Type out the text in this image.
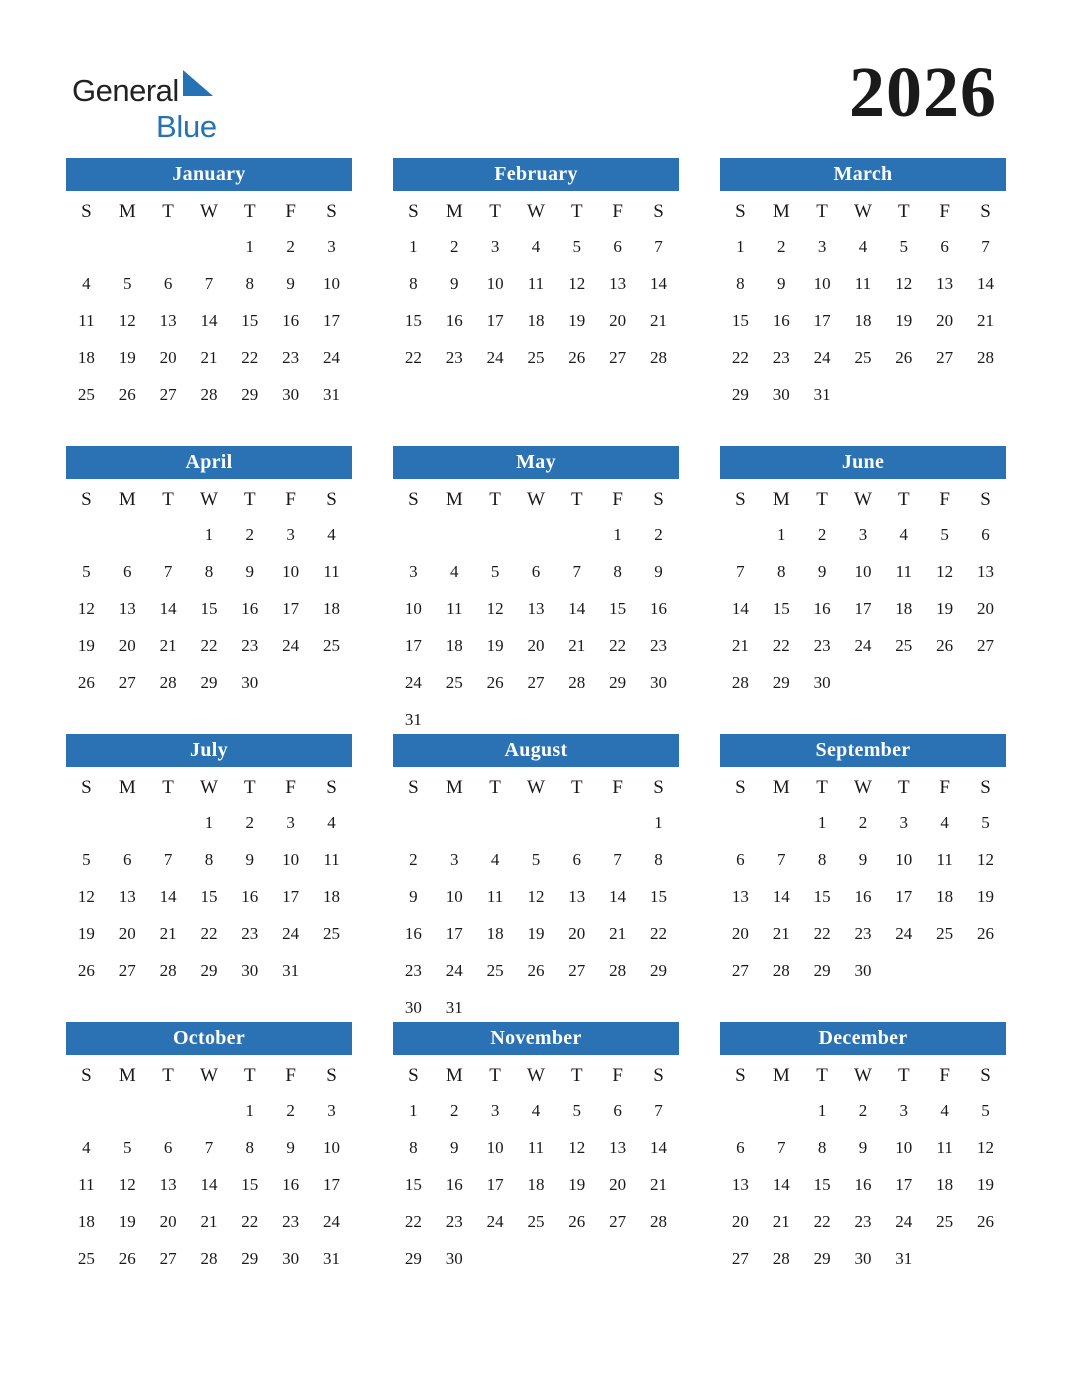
General
Blue	2026
January
S	M	T	W	T	F	S
				1	2	3
4	5	6	7	8	9	10
11	12	13	14	15	16	17
18	19	20	21	22	23	24
25	26	27	28	29	30	31

February
S	M	T	W	T	F	S
1	2	3	4	5	6	7
8	9	10	11	12	13	14
15	16	17	18	19	20	21
22	23	24	25	26	27	28

March
S	M	T	W	T	F	S
1	2	3	4	5	6	7
8	9	10	11	12	13	14
15	16	17	18	19	20	21
22	23	24	25	26	27	28
29	30	31				

April
S	M	T	W	T	F	S
			1	2	3	4
5	6	7	8	9	10	11
12	13	14	15	16	17	18
19	20	21	22	23	24	25
26	27	28	29	30		

May
S	M	T	W	T	F	S
					1	2
3	4	5	6	7	8	9
10	11	12	13	14	15	16
17	18	19	20	21	22	23
24	25	26	27	28	29	30
31						
June
S	M	T	W	T	F	S
	1	2	3	4	5	6
7	8	9	10	11	12	13
14	15	16	17	18	19	20
21	22	23	24	25	26	27
28	29	30				

July
S	M	T	W	T	F	S
			1	2	3	4
5	6	7	8	9	10	11
12	13	14	15	16	17	18
19	20	21	22	23	24	25
26	27	28	29	30	31	

August
S	M	T	W	T	F	S
						1
2	3	4	5	6	7	8
9	10	11	12	13	14	15
16	17	18	19	20	21	22
23	24	25	26	27	28	29
30	31					
September
S	M	T	W	T	F	S
		1	2	3	4	5
6	7	8	9	10	11	12
13	14	15	16	17	18	19
20	21	22	23	24	25	26
27	28	29	30			

October
S	M	T	W	T	F	S
				1	2	3
4	5	6	7	8	9	10
11	12	13	14	15	16	17
18	19	20	21	22	23	24
25	26	27	28	29	30	31

November
S	M	T	W	T	F	S
1	2	3	4	5	6	7
8	9	10	11	12	13	14
15	16	17	18	19	20	21
22	23	24	25	26	27	28
29	30					

December
S	M	T	W	T	F	S
		1	2	3	4	5
6	7	8	9	10	11	12
13	14	15	16	17	18	19
20	21	22	23	24	25	26
27	28	29	30	31		
